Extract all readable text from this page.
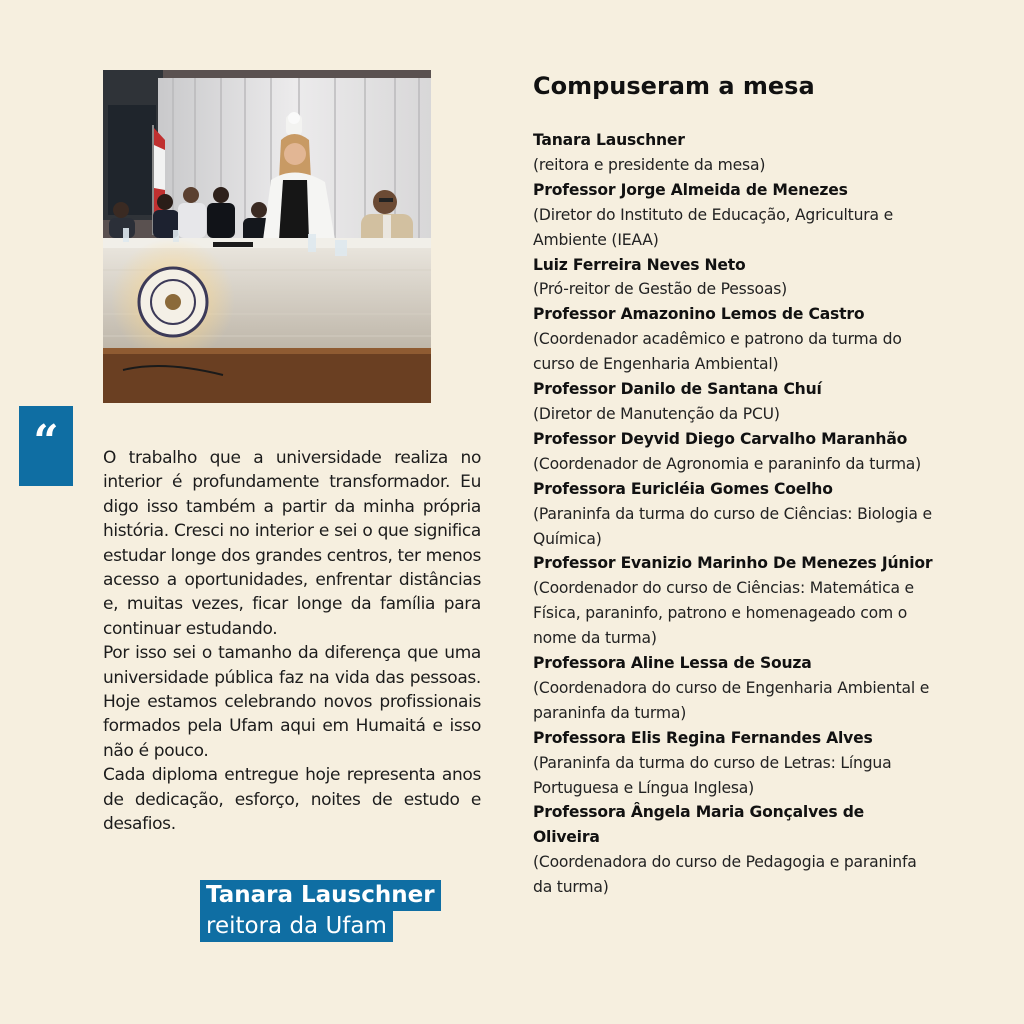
“	O trabalho que a universidade realiza no interior é profundamente transformador. Eu digo isso também a partir da minha própria história. Cresci no interior e sei o que significa estudar longe dos grandes centros, ter menos acesso a oportunidades, enfrentar distâncias e, muitas vezes, ficar longe da família para continuar estudando.

Por isso sei o tamanho da diferença que uma universidade pública faz na vida das pessoas. Hoje estamos celebrando novos profissionais formados pela Ufam aqui em Humaitá e isso não é pouco.

Cada diploma entregue hoje representa anos de dedicação, esforço, noites de estudo e desafios.

Tanara Lauschner
reitora da Ufam
Compuseram a mesa
Tanara Lauschner
(reitora e presidente da mesa)
Professor Jorge Almeida de Menezes
(Diretor do Instituto de Educação, Agricultura e Ambiente (IEAA)
Luiz Ferreira Neves Neto
(Pró-reitor de Gestão de Pessoas)
Professor Amazonino Lemos de Castro
(Coordenador acadêmico e patrono da turma do curso de Engenharia Ambiental)
Professor Danilo de Santana Chuí
(Diretor de Manutenção da PCU)
Professor Deyvid Diego Carvalho Maranhão
(Coordenador de Agronomia e paraninfo da turma)
Professora Euricléia Gomes Coelho
(Paraninfa da turma do curso de Ciências: Biologia e Química)
Professor Evanizio Marinho De Menezes Júnior
(Coordenador do curso de Ciências: Matemática e Física, paraninfo, patrono e homenageado com o nome da turma)
Professora Aline Lessa de Souza
(Coordenadora do curso de Engenharia Ambiental e paraninfa da turma)
Professora Elis Regina Fernandes Alves
(Paraninfa da turma do curso de Letras: Língua Portuguesa e Língua Inglesa)
Professora Ângela Maria Gonçalves de Oliveira
(Coordenadora do curso de Pedagogia e paraninfa da turma)
